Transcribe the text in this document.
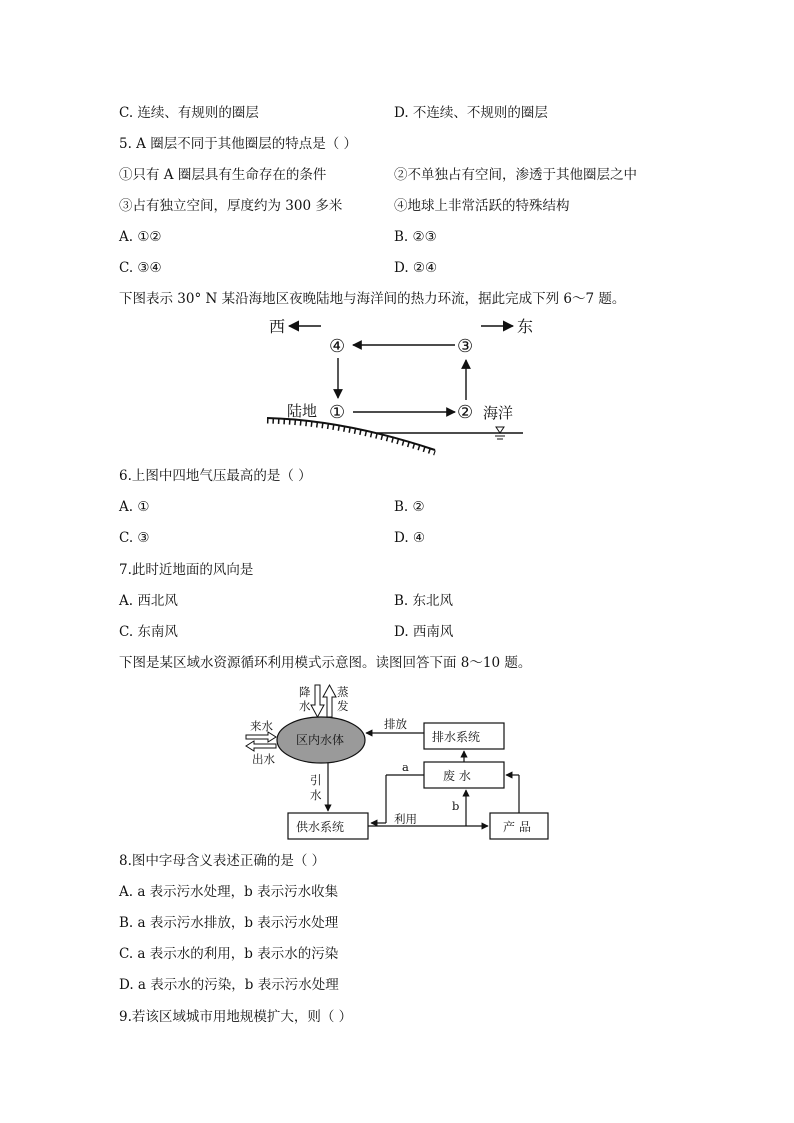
C. 连续、有规则的圈层	D. 不连续、不规则的圈层
5. A 圈层不同于其他圈层的特点是（ ）
①只有 A 圈层具有生命存在的条件	②不单独占有空间，渗透于其他圈层之中
③占有独立空间，厚度约为 300 多米	④地球上非常活跃的特殊结构
A. ①②	B. ②③
C. ③④	D. ②④
下图表示 30° N 某沿海地区夜晚陆地与海洋间的热力环流，据此完成下列 6～7 题。
西	东
④	③
①	②
陆地	海洋
6.上图中四地气压最高的是（ ）
A. ①	B. ②
C. ③	D. ④
7.此时近地面的风向是
A. 西北风	B. 东北风
C. 东南风	D. 西南风
下图是某区域水资源循环利用模式示意图。读图回答下面 8～10 题。
降
水
蒸
发
区内水体
来水
出水
排水系统
排放
废 水
a
供水系统
引
水
产 品
利用
b
8.图中字母含义表述正确的是（ ）
A. a 表示污水处理，b 表示污水收集
B. a 表示污水排放，b 表示污水处理
C. a 表示水的利用，b 表示水的污染
D. a 表示水的污染，b 表示污水处理
9.若该区域城市用地规模扩大，则（ ）
